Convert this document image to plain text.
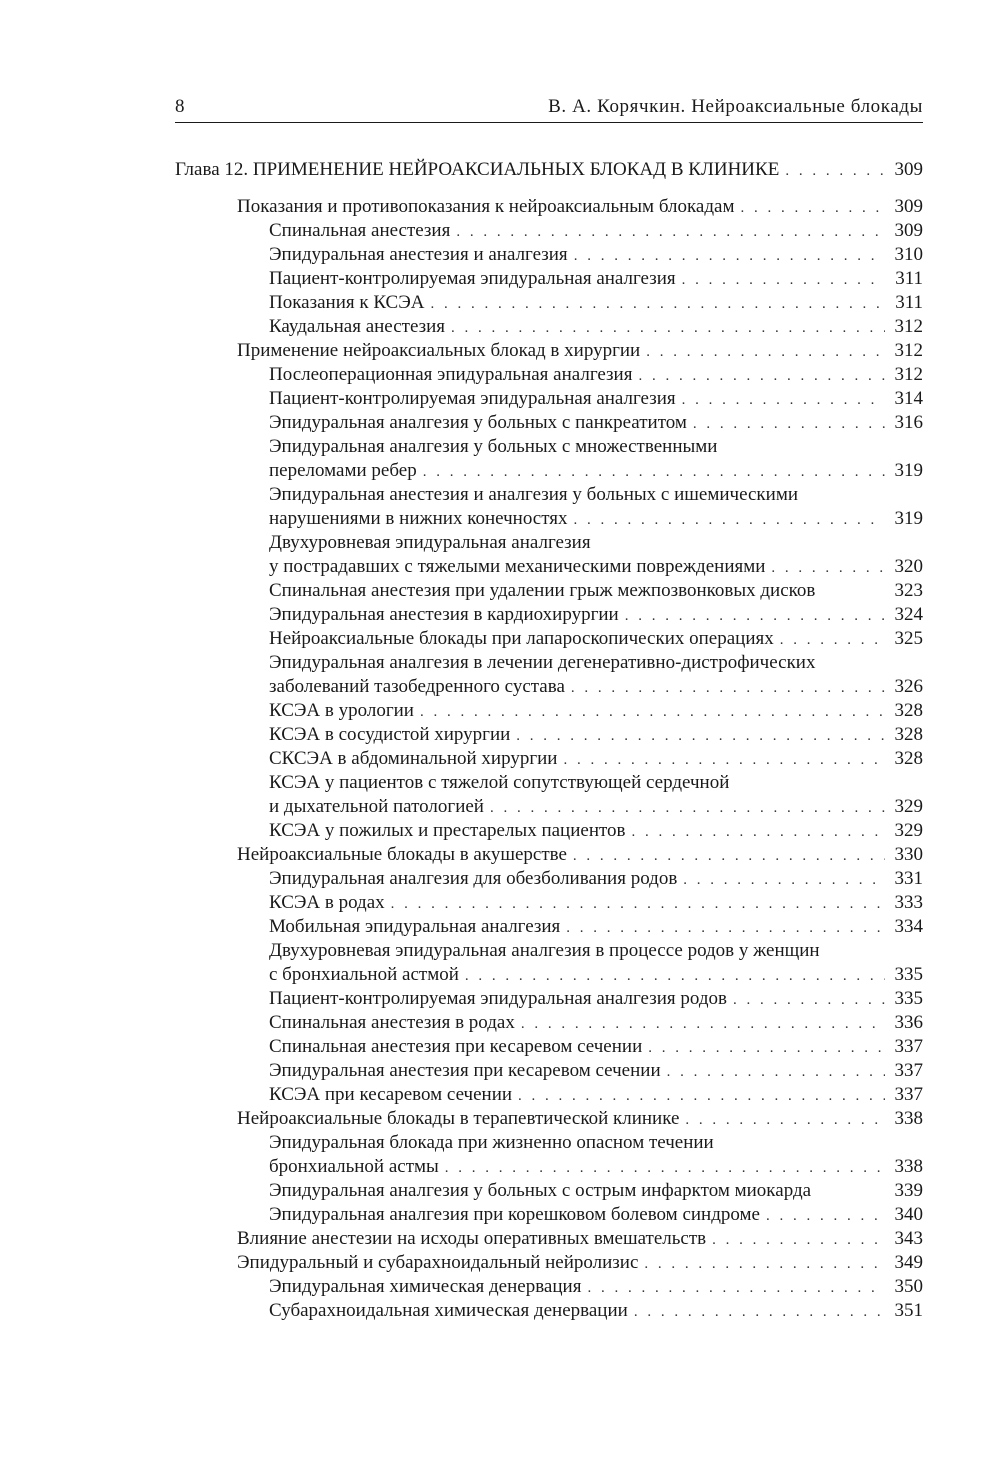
8	В. А. Корячкин. Нейроаксиальные блокады
Глава 12. ПРИМЕНЕНИЕ НЕЙРОАКСИАЛЬНЫХ БЛОКАД В КЛИНИКЕ . . .	309
Показания и противопоказания к нейроаксиальным блокадам . . .	309
Спинальная анестезия . . .	309
Эпидуральная анестезия и аналгезия . . .	310
Пациент-контролируемая эпидуральная аналгезия . . .	311
Показания к КСЭА . . .	311
Каудальная анестезия . . .	312
Применение нейроаксиальных блокад в хирургии . . .	312
Послеоперационная эпидуральная аналгезия . . .	312
Пациент-контролируемая эпидуральная аналгезия . . .	314
Эпидуральная аналгезия у больных с панкреатитом . . .	316
Эпидуральная аналгезия у больных с множественными
переломами ребер . . .	319
Эпидуральная анестезия и аналгезия у больных с ишемическими
нарушениями в нижних конечностях . . .	319
Двухуровневая эпидуральная аналгезия
у пострадавших с тяжелыми механическими повреждениями . . .	320
Спинальная анестезия при удалении грыж межпозвонковых дисков	323
Эпидуральная анестезия в кардиохирургии . . .	324
Нейроаксиальные блокады при лапароскопических операциях . . .	325
Эпидуральная аналгезия в лечении дегенеративно-дистрофических
заболеваний тазобедренного сустава . . .	326
КСЭА в урологии . . .	328
КСЭА в сосудистой хирургии . . .	328
СКСЭА в абдоминальной хирургии . . .	328
КСЭА у пациентов с тяжелой сопутствующей сердечной
и дыхательной патологией . . .	329
КСЭА у пожилых и престарелых пациентов . . .	329
Нейроаксиальные блокады в акушерстве . . .	330
Эпидуральная аналгезия для обезболивания родов . . .	331
КСЭА в родах . . .	333
Мобильная эпидуральная аналгезия . . .	334
Двухуровневая эпидуральная аналгезия в процессе родов у женщин
с бронхиальной астмой . . .	335
Пациент-контролируемая эпидуральная аналгезия родов . . .	335
Спинальная анестезия в родах . . .	336
Спинальная анестезия при кесаревом сечении . . .	337
Эпидуральная анестезия при кесаревом сечении . . .	337
КСЭА при кесаревом сечении . . .	337
Нейроаксиальные блокады в терапевтической клинике . . .	338
Эпидуральная блокада при жизненно опасном течении
бронхиальной астмы . . .	338
Эпидуральная аналгезия у больных с острым инфарктом миокарда	339
Эпидуральная аналгезия при корешковом болевом синдроме . . .	340
Влияние анестезии на исходы оперативных вмешательств . . .	343
Эпидуральный и субарахноидальный нейролизис . . .	349
Эпидуральная химическая денервация . . .	350
Субарахноидальная химическая денервации . . .	351
